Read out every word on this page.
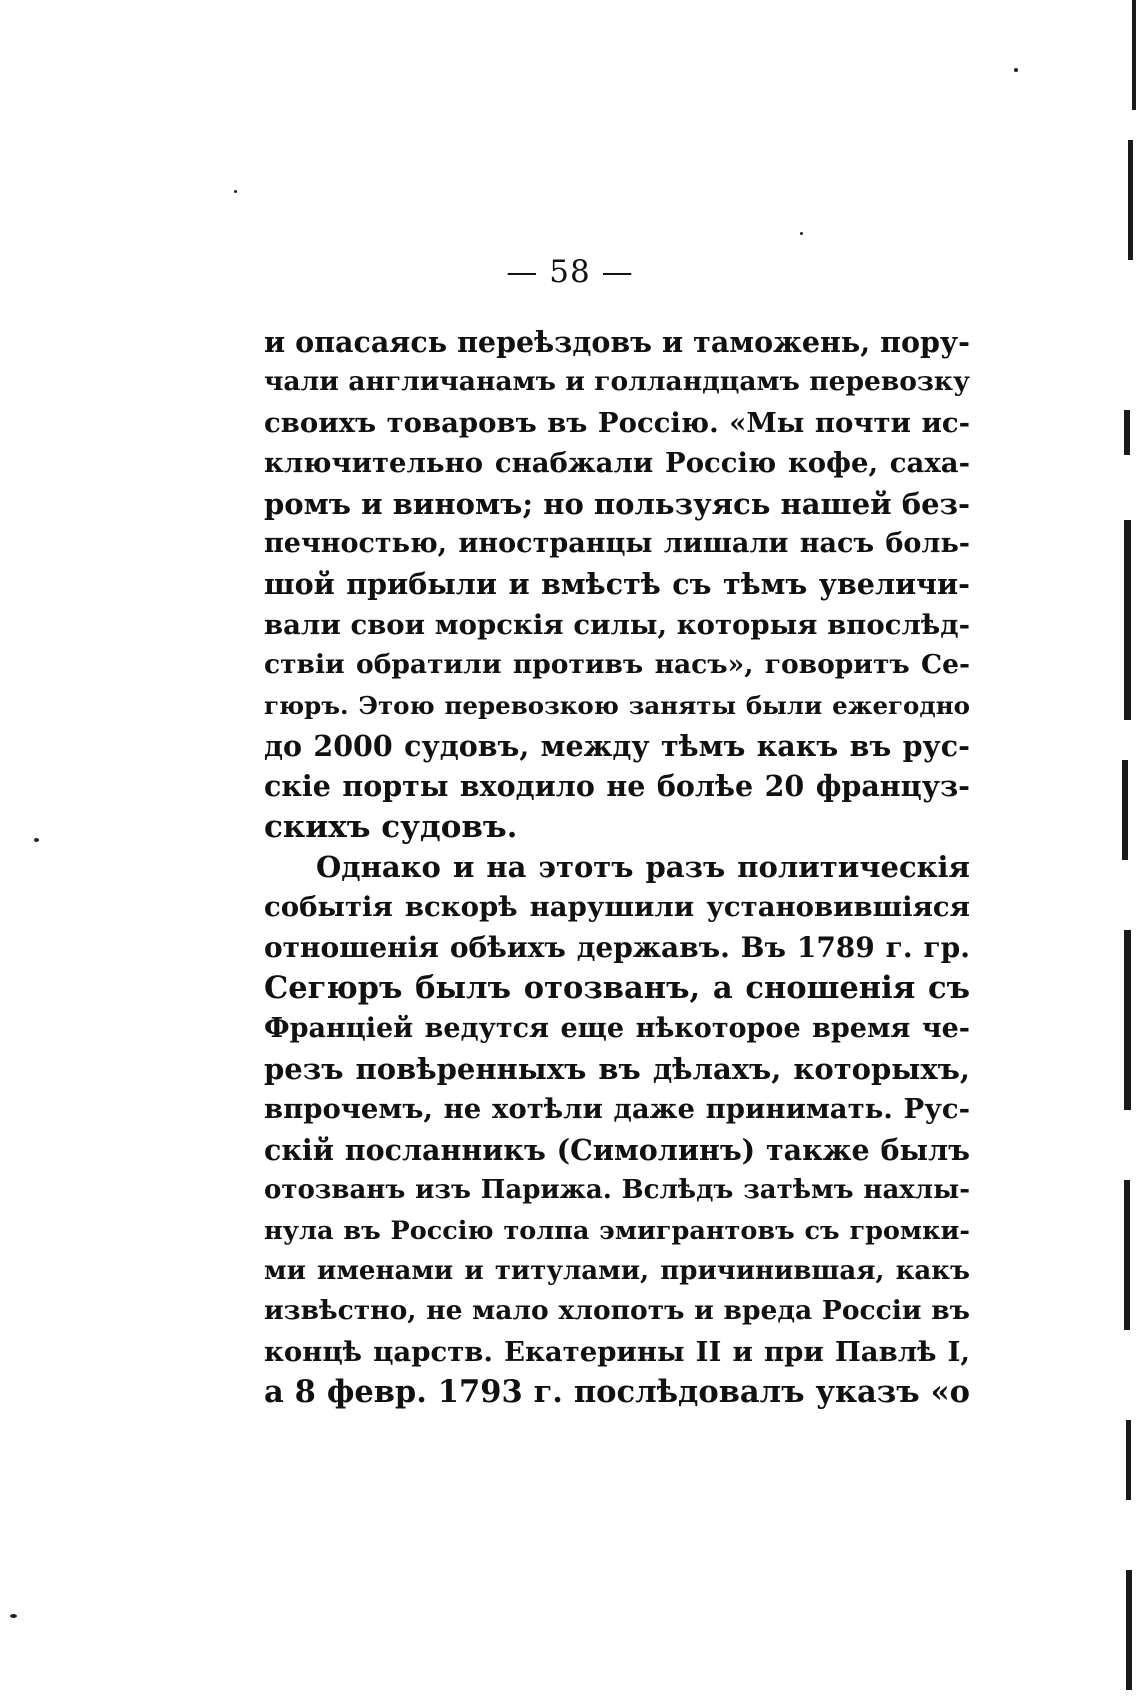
— 58 —
и опасаясь переѣздовъ и таможень, пору-
чали англичанамъ и голландцамъ перевозку
своихъ товаровъ въ Россію. «Мы почти ис-
ключительно снабжали Россію кофе, саха-
ромъ и виномъ; но пользуясь нашей без-
печностью, иностранцы лишали насъ боль-
шой прибыли и вмѣстѣ съ тѣмъ увеличи-
вали свои морскія силы, которыя впослѣд-
ствіи обратили противъ насъ», говоритъ Се-
гюръ. Этою перевозкою заняты были ежегодно
до 2000 судовъ, между тѣмъ какъ въ рус-
скіе порты входило не болѣе 20 француз-
скихъ судовъ.
Однако и на этотъ разъ политическія
событія вскорѣ нарушили установившіяся
отношенія обѣихъ державъ. Въ 1789 г. гр.
Сегюръ былъ отозванъ, а сношенія съ
Франціей ведутся еще нѣкоторое время че-
резъ повѣренныхъ въ дѣлахъ, которыхъ,
впрочемъ, не хотѣли даже принимать. Рус-
скій посланникъ (Симолинъ) также былъ
отозванъ изъ Парижа. Вслѣдъ затѣмъ нахлы-
нула въ Россію толпа эмигрантовъ съ громки-
ми именами и титулами, причинившая, какъ
извѣстно, не мало хлопотъ и вреда Россіи въ
концѣ царств. Екатерины II и при Павлѣ I,
а 8 февр. 1793 г. послѣдовалъ указъ «о
